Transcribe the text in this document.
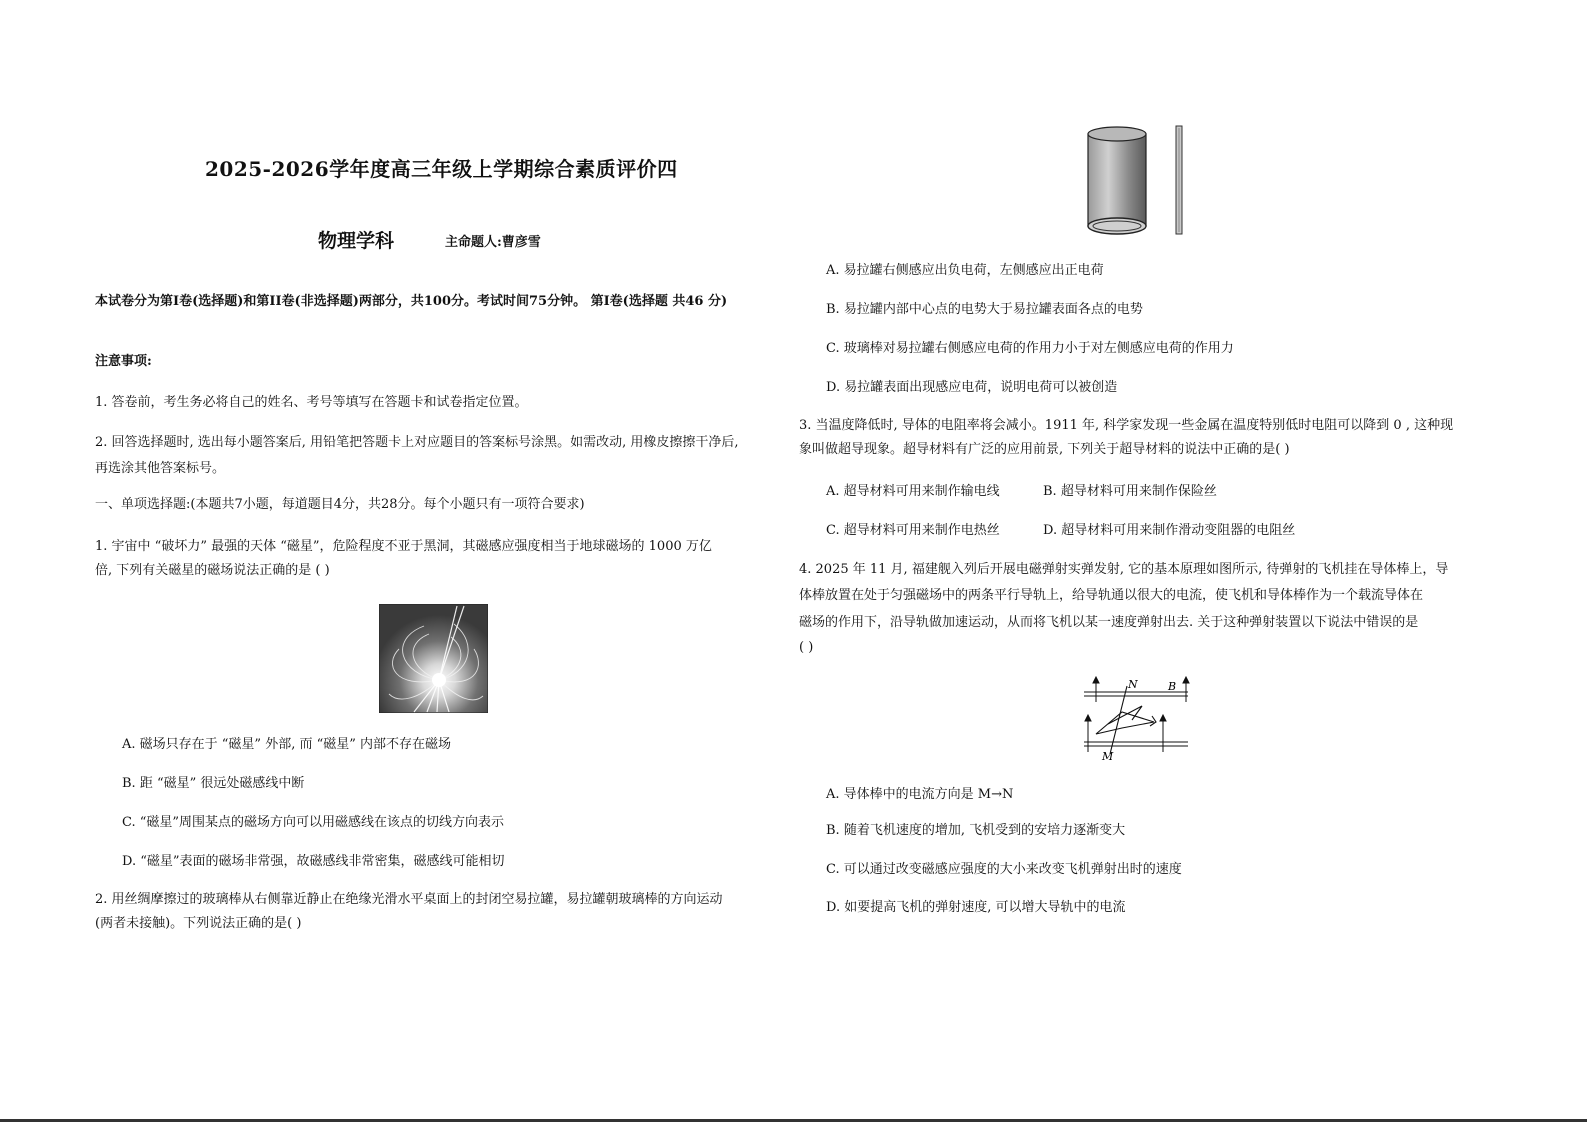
2025-2026学年度高三年级上学期综合素质评价四
物理学科	主命题人:曹彦雪
本试卷分为第I卷(选择题)和第II卷(非选择题)两部分，共100分。考试时间75分钟。 第I卷(选择题 共46 分)
注意事项:
1. 答卷前，考生务必将自己的姓名、考号等填写在答题卡和试卷指定位置。
2. 回答选择题时, 选出每小题答案后, 用铅笔把答题卡上对应题目的答案标号涂黑。如需改动, 用橡皮擦擦干净后,
再选涂其他答案标号。
一、单项选择题:(本题共7小题，每道题目4分，共28分。每个小题只有一项符合要求)
1. 宇宙中 “破坏力” 最强的天体 “磁星”，危险程度不亚于黑洞，其磁感应强度相当于地球磁场的 1000 万亿
倍, 下列有关磁星的磁场说法正确的是 ( )
A. 磁场只存在于 “磁星” 外部, 而 “磁星” 内部不存在磁场
B. 距 “磁星” 很远处磁感线中断
C. “磁星”周围某点的磁场方向可以用磁感线在该点的切线方向表示
D. “磁星”表面的磁场非常强，故磁感线非常密集，磁感线可能相切
2. 用丝绸摩擦过的玻璃棒从右侧靠近静止在绝缘光滑水平桌面上的封闭空易拉罐，易拉罐朝玻璃棒的方向运动
(两者未接触)。下列说法正确的是( )
A. 易拉罐右侧感应出负电荷，左侧感应出正电荷
B. 易拉罐内部中心点的电势大于易拉罐表面各点的电势
C. 玻璃棒对易拉罐右侧感应电荷的作用力小于对左侧感应电荷的作用力
D. 易拉罐表面出现感应电荷，说明电荷可以被创造
3. 当温度降低时, 导体的电阻率将会减小。1911 年, 科学家发现一些金属在温度特别低时电阻可以降到 0 , 这种现
象叫做超导现象。超导材料有广泛的应用前景, 下列关于超导材料的说法中正确的是( )
A. 超导材料可用来制作输电线	B. 超导材料可用来制作保险丝
C. 超导材料可用来制作电热丝	D. 超导材料可用来制作滑动变阻器的电阻丝
4. 2025 年 11 月, 福建舰入列后开展电磁弹射实弹发射, 它的基本原理如图所示, 待弹射的飞机挂在导体棒上，导
体棒放置在处于匀强磁场中的两条平行导轨上，给导轨通以很大的电流，使飞机和导体棒作为一个载流导体在
磁场的作用下，沿导轨做加速运动，从而将飞机以某一速度弹射出去. 关于这种弹射装置以下说法中错误的是
( )
N	B
M
A. 导体棒中的电流方向是 M→N
B. 随着飞机速度的增加, 飞机受到的安培力逐渐变大
C. 可以通过改变磁感应强度的大小来改变飞机弹射出时的速度
D. 如要提高飞机的弹射速度, 可以增大导轨中的电流
